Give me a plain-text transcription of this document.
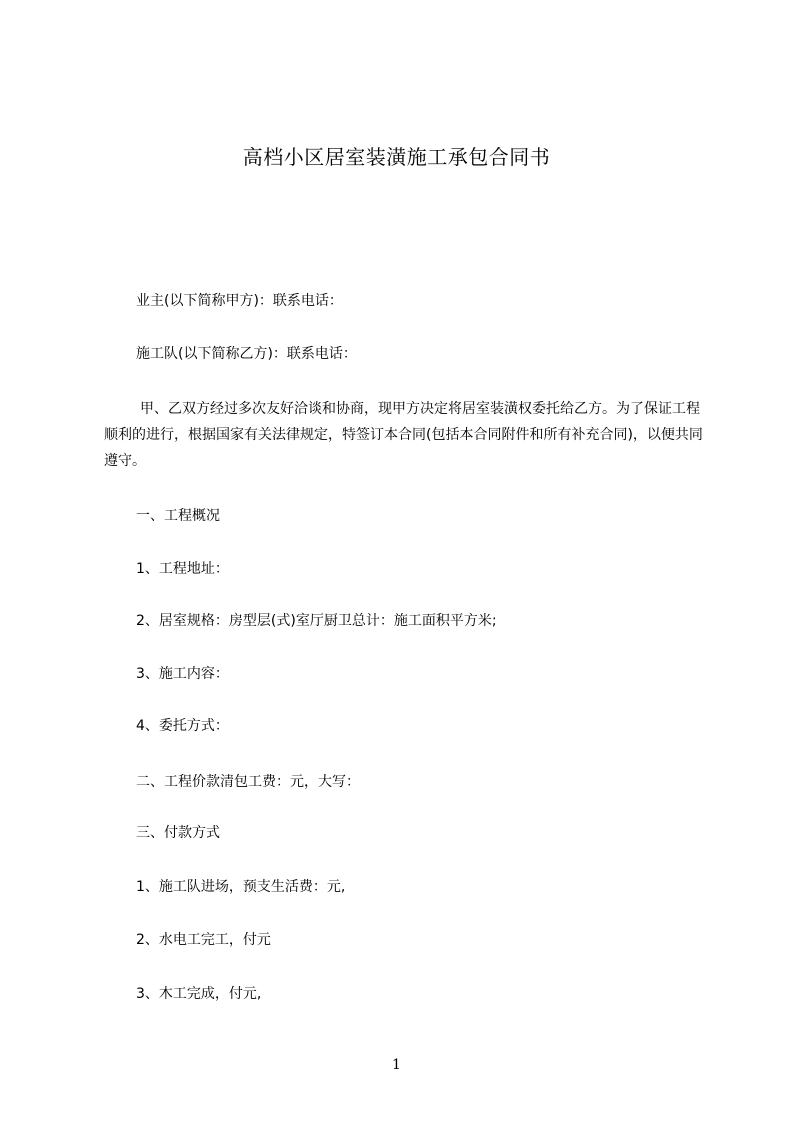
高档小区居室装潢施工承包合同书
业主(以下简称甲方)：联系电话：
施工队(以下简称乙方)：联系电话：
甲、乙双方经过多次友好洽谈和协商，现甲方决定将居室装潢权委托给乙方。为了保证工程顺利的进行，根据国家有关法律规定，特签订本合同(包括本合同附件和所有补充合同)，以便共同遵守。
一、工程概况
1、工程地址：
2、居室规格：房型层(式)室厅厨卫总计：施工面积平方米;
3、施工内容：
4、委托方式：
二、工程价款清包工费：元，大写：
三、付款方式
1、施工队进场，预支生活费：元,
2、水电工完工，付元
3、木工完成，付元,
1
